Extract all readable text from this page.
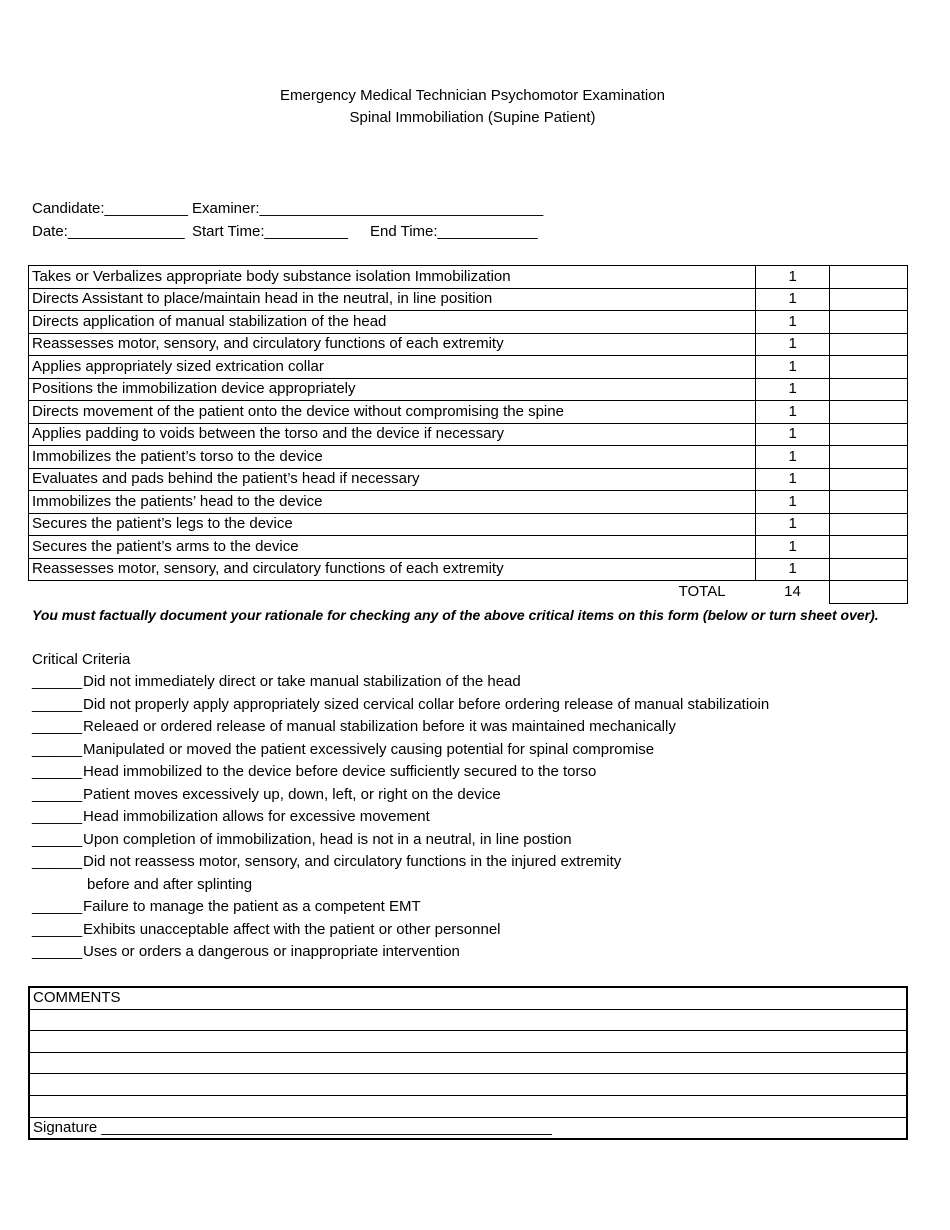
Emergency Medical Technician Psychomotor Examination
Spinal Immobiliation (Supine Patient)
Candidate:__________ Examiner:__________________________________
Date:______________ Start Time:__________ End Time:____________
Takes or Verbalizes appropriate body substance isolation Immobilization	1	
Directs Assistant to place/maintain head in the neutral, in line position	1	
Directs application of manual stabilization of the head	1	
Reassesses motor, sensory, and circulatory functions of each extremity	1	
Applies appropriately sized extrication collar	1	
Positions the immobilization device appropriately	1	
Directs movement of the patient onto the device without compromising the spine	1	
Applies padding to voids between the torso and the device if necessary	1	
Immobilizes the patient’s torso to the device	1	
Evaluates and pads behind the patient’s head if necessary	1	
Immobilizes the patients’ head to the device	1	
Secures the patient’s legs to the device	1	
Secures the patient’s arms to the device	1	
Reassesses motor, sensory, and circulatory functions of each extremity	1	
TOTAL	14	
You must factually document your rationale for checking any of the above critical items on this form (below or turn sheet over).
Critical Criteria
______ Did not immediately direct or take manual stabilization of the head
______ Did not properly apply appropriately sized cervical collar before ordering release of manual stabilizatioin
______ Releaed or ordered release of manual stabilization before it was maintained mechanically
______ Manipulated or moved the patient excessively causing potential for spinal compromise
______ Head immobilized to the device before device sufficiently secured to the torso
______ Patient moves excessively up, down, left, or right on the device
______ Head immobilization allows for excessive movement
______ Upon completion of immobilization, head is not in a neutral, in line postion
______ Did not reassess motor, sensory, and circulatory functions in the injured extremity
before and after splinting
______ Failure to manage the patient as a competent EMT
______ Exhibits unacceptable affect with the patient or other personnel
______ Uses or orders a dangerous or inappropriate intervention
COMMENTS

Signature ______________________________________________________
